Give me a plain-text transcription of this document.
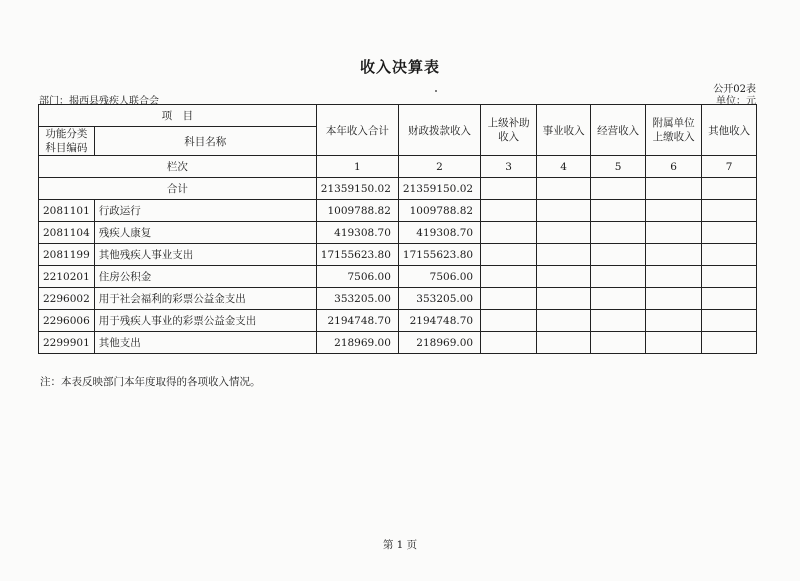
收入决算表
公开02表
部门：揭西县残疾人联合会	单位：元
项　目		本年收入合计	财政拨款收入	上级补助收入	事业收入	经营收入	附属单位上缴收入	其他收入
功能分类科目编码	科目名称							
栏次		1	2	3	4	5	6	7
合计		21359150.02	21359150.02					
2081101	行政运行	1009788.82	1009788.82					
2081104	残疾人康复	419308.70	419308.70					
2081199	其他残疾人事业支出	17155623.80	17155623.80					
2210201	住房公积金	7506.00	7506.00					
2296002	用于社会福利的彩票公益金支出	353205.00	353205.00					
2296006	用于残疾人事业的彩票公益金支出	2194748.70	2194748.70					
2299901	其他支出	218969.00	218969.00					
注：本表反映部门本年度取得的各项收入情况。
第 1 页
